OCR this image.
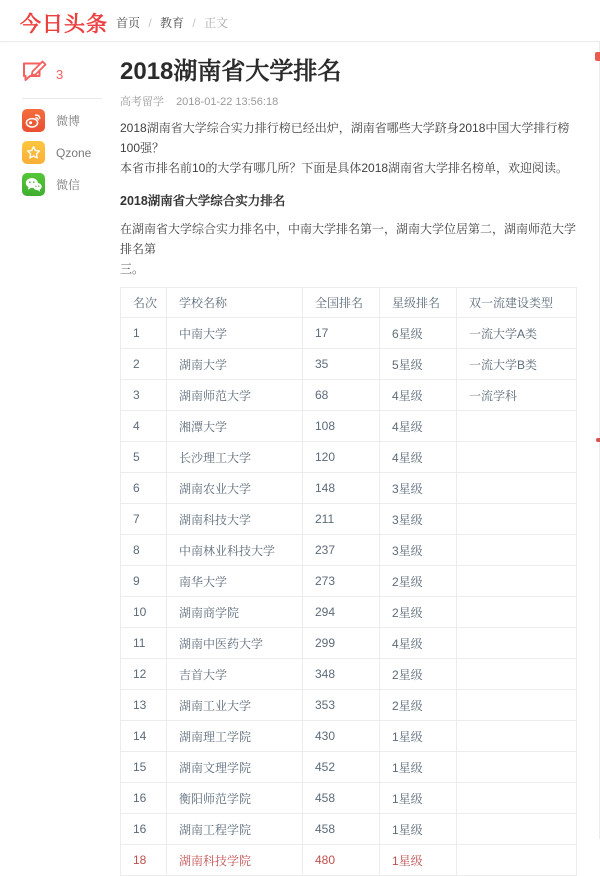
今日头条 首页 / 教育 / 正文
3
微博
Qzone
微信
2018湖南省大学排名
高考留学 2018-01-22 13:56:18
2018湖南省大学综合实力排行榜已经出炉，湖南省哪些大学跻身2018中国大学排行榜100强？
本省市排名前10的大学有哪几所？下面是具体2018湖南省大学排名榜单，欢迎阅读。
2018湖南省大学综合实力排名
在湖南省大学综合实力排名中，中南大学排名第一，湖南大学位居第二，湖南师范大学排名第
三。
名次	学校名称	全国排名	星级排名	双一流建设类型
1	中南大学	17	6星级	一流大学A类
2	湖南大学	35	5星级	一流大学B类
3	湖南师范大学	68	4星级	一流学科
4	湘潭大学	108	4星级	
5	长沙理工大学	120	4星级	
6	湖南农业大学	148	3星级	
7	湖南科技大学	211	3星级	
8	中南林业科技大学	237	3星级	
9	南华大学	273	2星级	
10	湖南商学院	294	2星级	
11	湖南中医药大学	299	4星级	
12	吉首大学	348	2星级	
13	湖南工业大学	353	2星级	
14	湖南理工学院	430	1星级	
15	湖南文理学院	452	1星级	
16	衡阳师范学院	458	1星级	
16	湖南工程学院	458	1星级	
18	湖南科技学院	480	1星级	
